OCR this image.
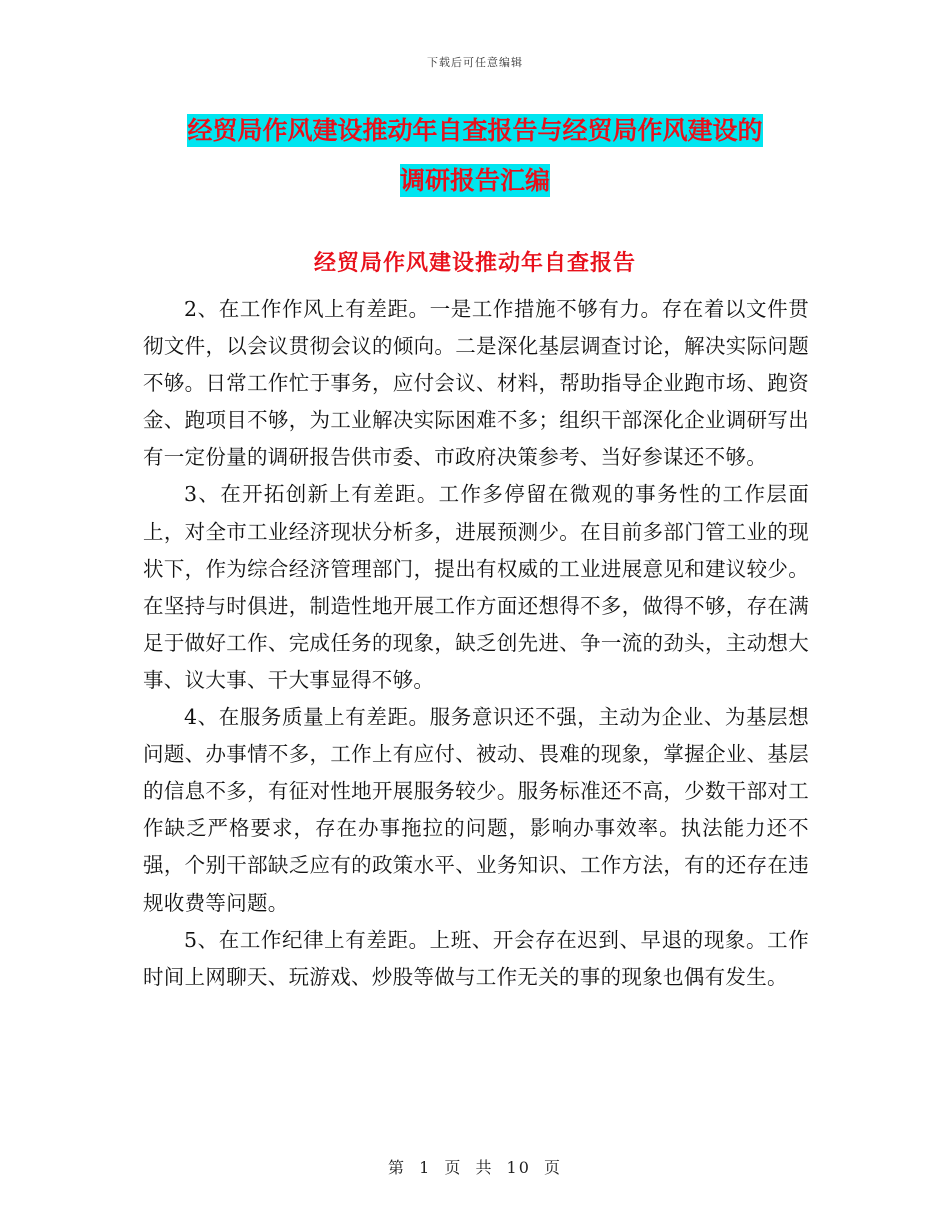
下载后可任意编辑
经贸局作风建设推动年自查报告与经贸局作风建设的
调研报告汇编
经贸局作风建设推动年自查报告

2、在工作作风上有差距。一是工作措施不够有力。存在着以文件贯彻文件，以会议贯彻会议的倾向。二是深化基层调查讨论，解决实际问题不够。日常工作忙于事务，应付会议、材料，帮助指导企业跑市场、跑资金、跑项目不够，为工业解决实际困难不多；组织干部深化企业调研写出有一定份量的调研报告供市委、市政府决策参考、当好参谋还不够。

3、在开拓创新上有差距。工作多停留在微观的事务性的工作层面上，对全市工业经济现状分析多，进展预测少。在目前多部门管工业的现状下，作为综合经济管理部门，提出有权威的工业进展意见和建议较少。在坚持与时俱进，制造性地开展工作方面还想得不多，做得不够，存在满足于做好工作、完成任务的现象，缺乏创先进、争一流的劲头，主动想大事、议大事、干大事显得不够。

4、在服务质量上有差距。服务意识还不强，主动为企业、为基层想问题、办事情不多，工作上有应付、被动、畏难的现象，掌握企业、基层的信息不多，有征对性地开展服务较少。服务标准还不高，少数干部对工作缺乏严格要求，存在办事拖拉的问题，影响办事效率。执法能力还不强，个别干部缺乏应有的政策水平、业务知识、工作方法，有的还存在违规收费等问题。

5、在工作纪律上有差距。上班、开会存在迟到、早退的现象。工作时间上网聊天、玩游戏、炒股等做与工作无关的事的现象也偶有发生。

第 1 页 共 10 页
